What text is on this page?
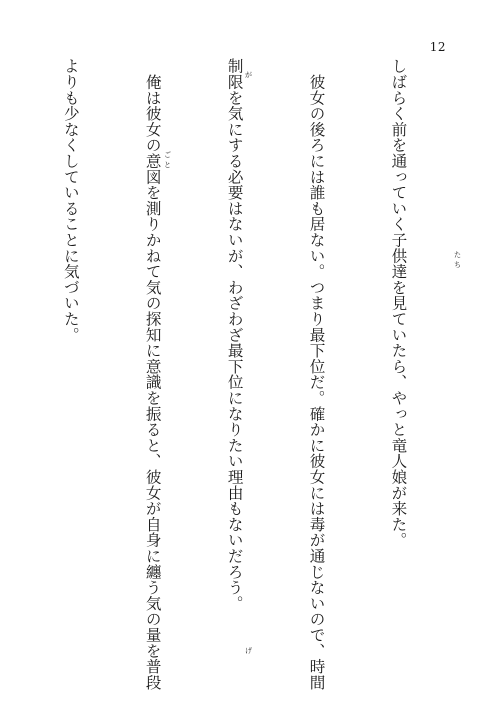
12

しばらく前を通っていく子供達を見ていたら、やっと竜人娘が来た。

　彼女の後ろには誰も居ない。つまり最下位だ。確かに彼女には毒が通じないので、時間

制限を気にする必要はないが、わざわざ最下位になりたい理由もないだろう。

　俺は彼女の意図を測りかねて気の探知に意識を振ると、彼女が自身に纏う気の量を普段

よりも少なくしていることに気づいた。

	たち
が
げ
ごと
